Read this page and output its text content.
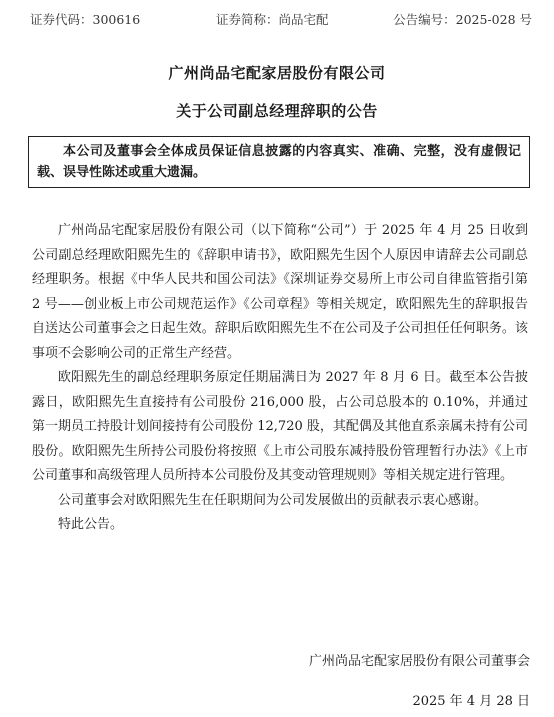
证券代码：300616	证券简称：尚品宅配	公告编号：2025-028 号
广州尚品宅配家居股份有限公司
关于公司副总经理辞职的公告
本公司及董事会全体成员保证信息披露的内容真实、准确、完整，没有虚假记载、误导性陈述或重大遗漏。

广州尚品宅配家居股份有限公司（以下简称“公司”）于 2025 年 4 月 25 日收到公司副总经理欧阳熙先生的《辞职申请书》，欧阳熙先生因个人原因申请辞去公司副总经理职务。根据《中华人民共和国公司法》《深圳证券交易所上市公司自律监管指引第 2 号——创业板上市公司规范运作》《公司章程》等相关规定，欧阳熙先生的辞职报告自送达公司董事会之日起生效。辞职后欧阳熙先生不在公司及子公司担任任何职务。该事项不会影响公司的正常生产经营。

欧阳熙先生的副总经理职务原定任期届满日为 2027 年 8 月 6 日。截至本公告披露日，欧阳熙先生直接持有公司股份 216,000 股，占公司总股本的 0.10%，并通过第一期员工持股计划间接持有公司股份 12,720 股，其配偶及其他直系亲属未持有公司股份。欧阳熙先生所持公司股份将按照《上市公司股东减持股份管理暂行办法》《上市公司董事和高级管理人员所持本公司股份及其变动管理规则》等相关规定进行管理。

公司董事会对欧阳熙先生在任职期间为公司发展做出的贡献表示衷心感谢。

特此公告。

广州尚品宅配家居股份有限公司董事会
2025 年 4 月 28 日
